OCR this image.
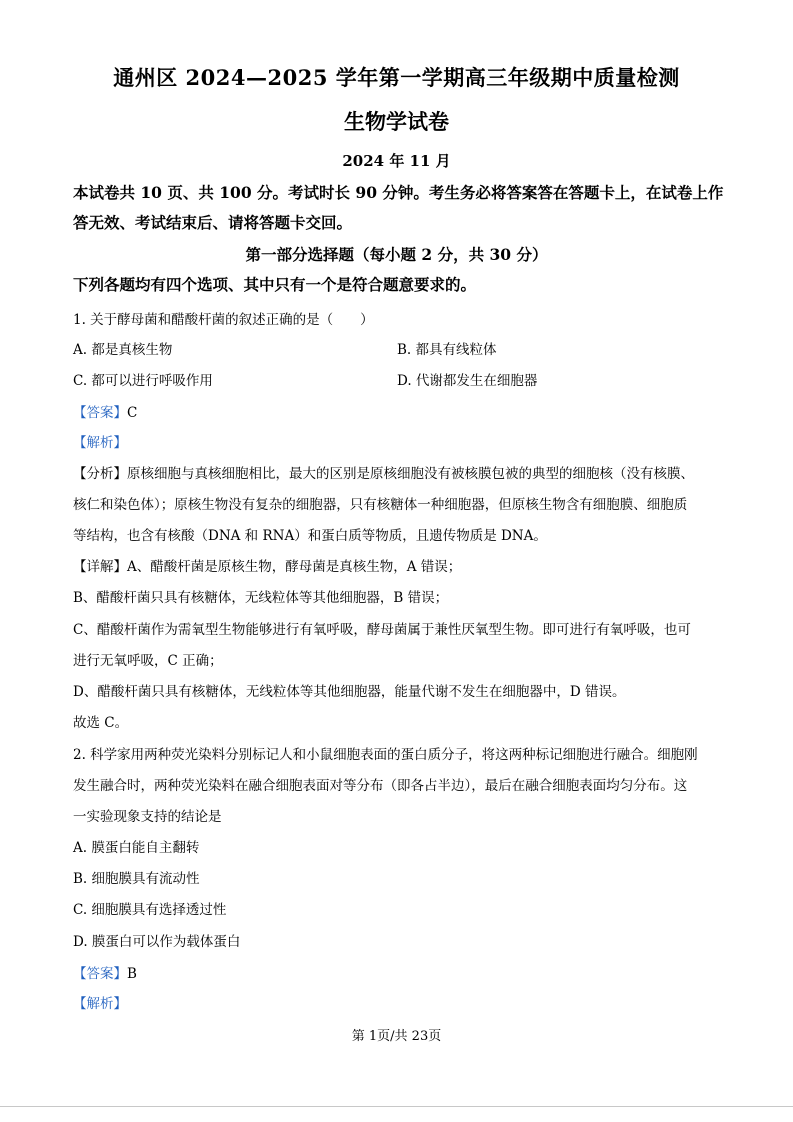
通州区 2024—2025 学年第一学期高三年级期中质量检测
生物学试卷
2024 年 11 月
本试卷共 10 页、共 100 分。考试时长 90 分钟。考生务必将答案答在答题卡上，在试卷上作
答无效、考试结束后、请将答题卡交回。
第一部分选择题（每小题 2 分，共 30 分）
下列各题均有四个选项、其中只有一个是符合题意要求的。
1. 关于酵母菌和醋酸杆菌的叙述正确的是（　　）
A. 都是真核生物	B. 都具有线粒体
C. 都可以进行呼吸作用	D. 代谢都发生在细胞器
【答案】C
【解析】
【分析】原核细胞与真核细胞相比，最大的区别是原核细胞没有被核膜包被的典型的细胞核（没有核膜、
核仁和染色体）；原核生物没有复杂的细胞器，只有核糖体一种细胞器，但原核生物含有细胞膜、细胞质
等结构，也含有核酸（DNA 和 RNA）和蛋白质等物质，且遗传物质是 DNA。
【详解】A、醋酸杆菌是原核生物，酵母菌是真核生物，A 错误；
B、醋酸杆菌只具有核糖体，无线粒体等其他细胞器，B 错误；
C、醋酸杆菌作为需氧型生物能够进行有氧呼吸，酵母菌属于兼性厌氧型生物。即可进行有氧呼吸，也可
进行无氧呼吸，C 正确；
D、醋酸杆菌只具有核糖体，无线粒体等其他细胞器，能量代谢不发生在细胞器中，D 错误。
故选 C。
2. 科学家用两种荧光染料分别标记人和小鼠细胞表面的蛋白质分子，将这两种标记细胞进行融合。细胞刚
发生融合时，两种荧光染料在融合细胞表面对等分布（即各占半边），最后在融合细胞表面均匀分布。这
一实验现象支持的结论是
A. 膜蛋白能自主翻转
B. 细胞膜具有流动性
C. 细胞膜具有选择透过性
D. 膜蛋白可以作为载体蛋白
【答案】B
【解析】
第 1页/共 23页
